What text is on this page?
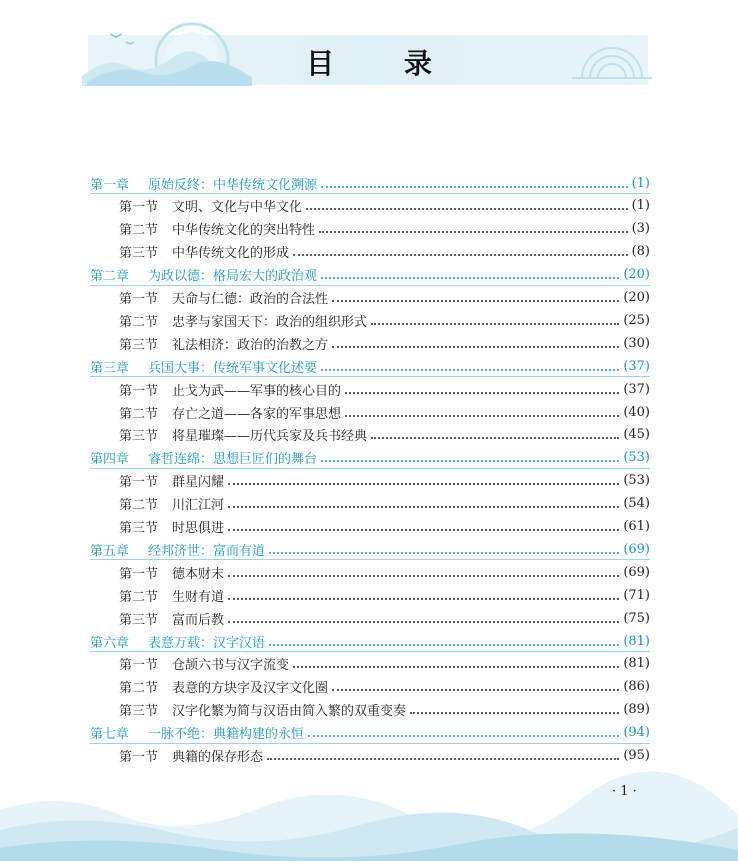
目 录
第一章	原始反终：中华传统文化溯源	(1)
第一节	文明、文化与中华文化	(1)
第二节	中华传统文化的突出特性	(3)
第三节	中华传统文化的形成	(8)
第二章	为政以德：格局宏大的政治观	(20)
第一节	天命与仁德：政治的合法性	(20)
第二节	忠孝与家国天下：政治的组织形式	(25)
第三节	礼法相济：政治的治教之方	(30)
第三章	兵国大事：传统军事文化述要	(37)
第一节	止戈为武——军事的核心目的	(37)
第二节	存亡之道——各家的军事思想	(40)
第三节	将星璀璨——历代兵家及兵书经典	(45)
第四章	睿哲连绵：思想巨匠们的舞台	(53)
第一节	群星闪耀	(53)
第二节	川汇江河	(54)
第三节	时思俱进	(61)
第五章	经邦济世：富而有道	(69)
第一节	德本财末	(69)
第二节	生财有道	(71)
第三节	富而后教	(75)
第六章	表意万载：汉字汉语	(81)
第一节	仓颉六书与汉字流变	(81)
第二节	表意的方块字及汉字文化圈	(86)
第三节	汉字化繁为简与汉语由简入繁的双重变奏	(89)
第七章	一脉不绝：典籍构建的永恒	(94)
第一节	典籍的保存形态	(95)
· 1 ·
